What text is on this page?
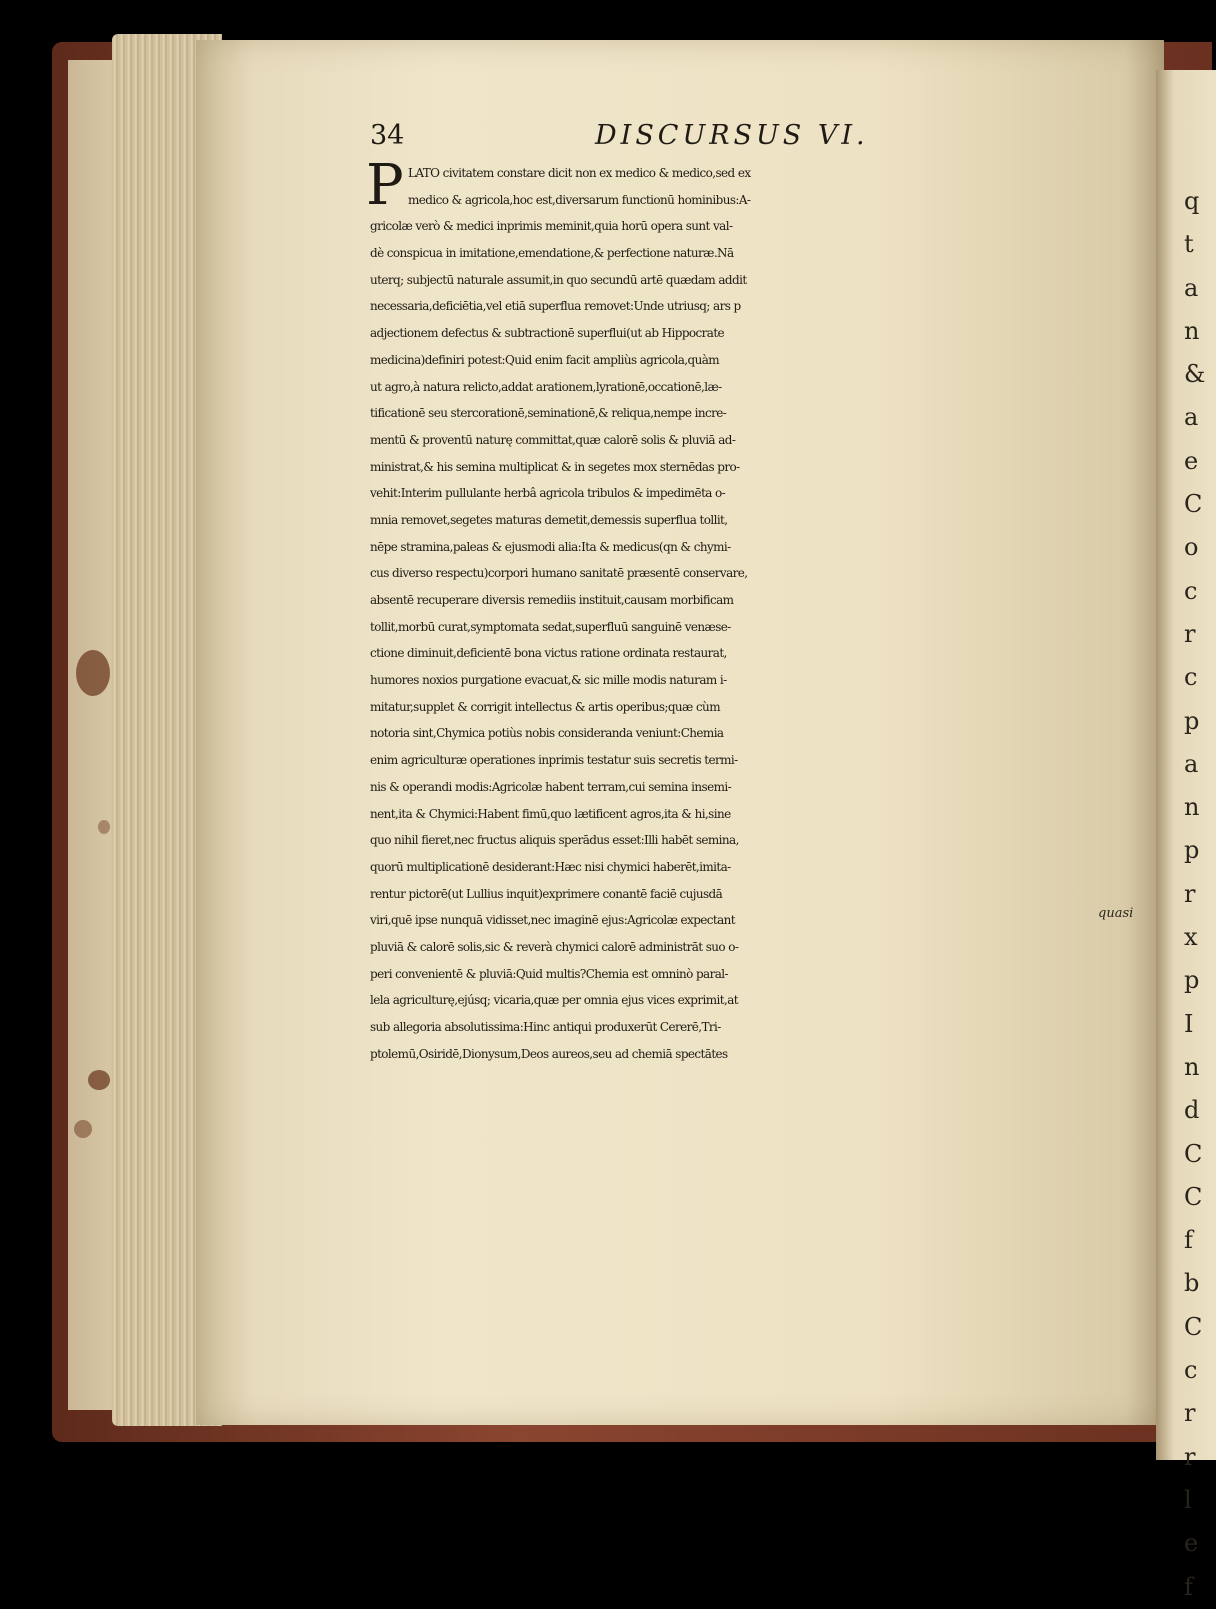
q
t
a
n
&
a
e
C
o
c
r
c
p
a
n
p
r
x
p
I
n
d
C
C
f
b
C
c
r
r
l
e
f
34	DISCURSUS VI.
P LATO civitatem constare dicit non ex medico & medico,sed ex
medico & agricola,hoc est,diversarum functionū hominibus:A-
gricolæ verò & medici inprimis meminit,quia horū opera sunt val-
dè conspicua in imitatione,emendatione,& perfectione naturæ.Nā
uterq; subjectū naturale assumit,in quo secundū artē quædam addit
necessaria,deficiētia,vel etiā superflua removet:Unde utriusq; ars p
adjectionem defectus & subtractionē superflui(ut ab Hippocrate
medicina)definiri potest:Quid enim facit ampliùs agricola,quàm
ut agro,à natura relicto,addat arationem,lyrationē,occationē,læ-
tificationē seu stercorationē,seminationē,& reliqua,nempe incre-
mentū & proventū naturę committat,quæ calorē solis & pluviā ad-
ministrat,& his semina multiplicat & in segetes mox sternēdas pro-
vehit:Interim pullulante herbâ agricola tribulos & impedimēta o-
mnia removet,segetes maturas demetit,demessis superflua tollit,
nēpe stramina,paleas & ejusmodi alia:Ita & medicus(qn & chymi-
cus diverso respectu)corpori humano sanitatē præsentē conservare,
absentē recuperare diversis remediis instituit,causam morbificam
tollit,morbū curat,symptomata sedat,superfluū sanguinē venæse-
ctione diminuit,deficientē bona victus ratione ordinata restaurat,
humores noxios purgatione evacuat,& sic mille modis naturam i-
mitatur,supplet & corrigit intellectus & artis operibus;quæ cùm
notoria sint,Chymica potiùs nobis consideranda veniunt:Chemia
enim agriculturæ operationes inprimis testatur suis secretis termi-
nis & operandi modis:Agricolæ habent terram,cui semina insemi-
nent,ita & Chymici:Habent fimū,quo lætificent agros,ita & hi,sine
quo nihil fieret,nec fructus aliquis sperādus esset:Illi habēt semina,
quorū multiplicationē desiderant:Hæc nisi chymici haberēt,imita-
rentur pictorē(ut Lullius inquit)exprimere conantē faciē cujusdā
viri,quē ipse nunquā vidisset,nec imaginē ejus:Agricolæ expectant
pluviā & calorē solis,sic & reverà chymici calorē administrāt suo o-
peri convenientē & pluviā:Quid multis?Chemia est omninò paral-
lela agriculturę,ejúsq; vicaria,quæ per omnia ejus vices exprimit,at
sub allegoria absolutissima:Hinc antiqui produxerūt Cererē,Tri-
ptolemū,Osiridē,Dionysum,Deos aureos,seu ad chemiā spectātes
quasi
